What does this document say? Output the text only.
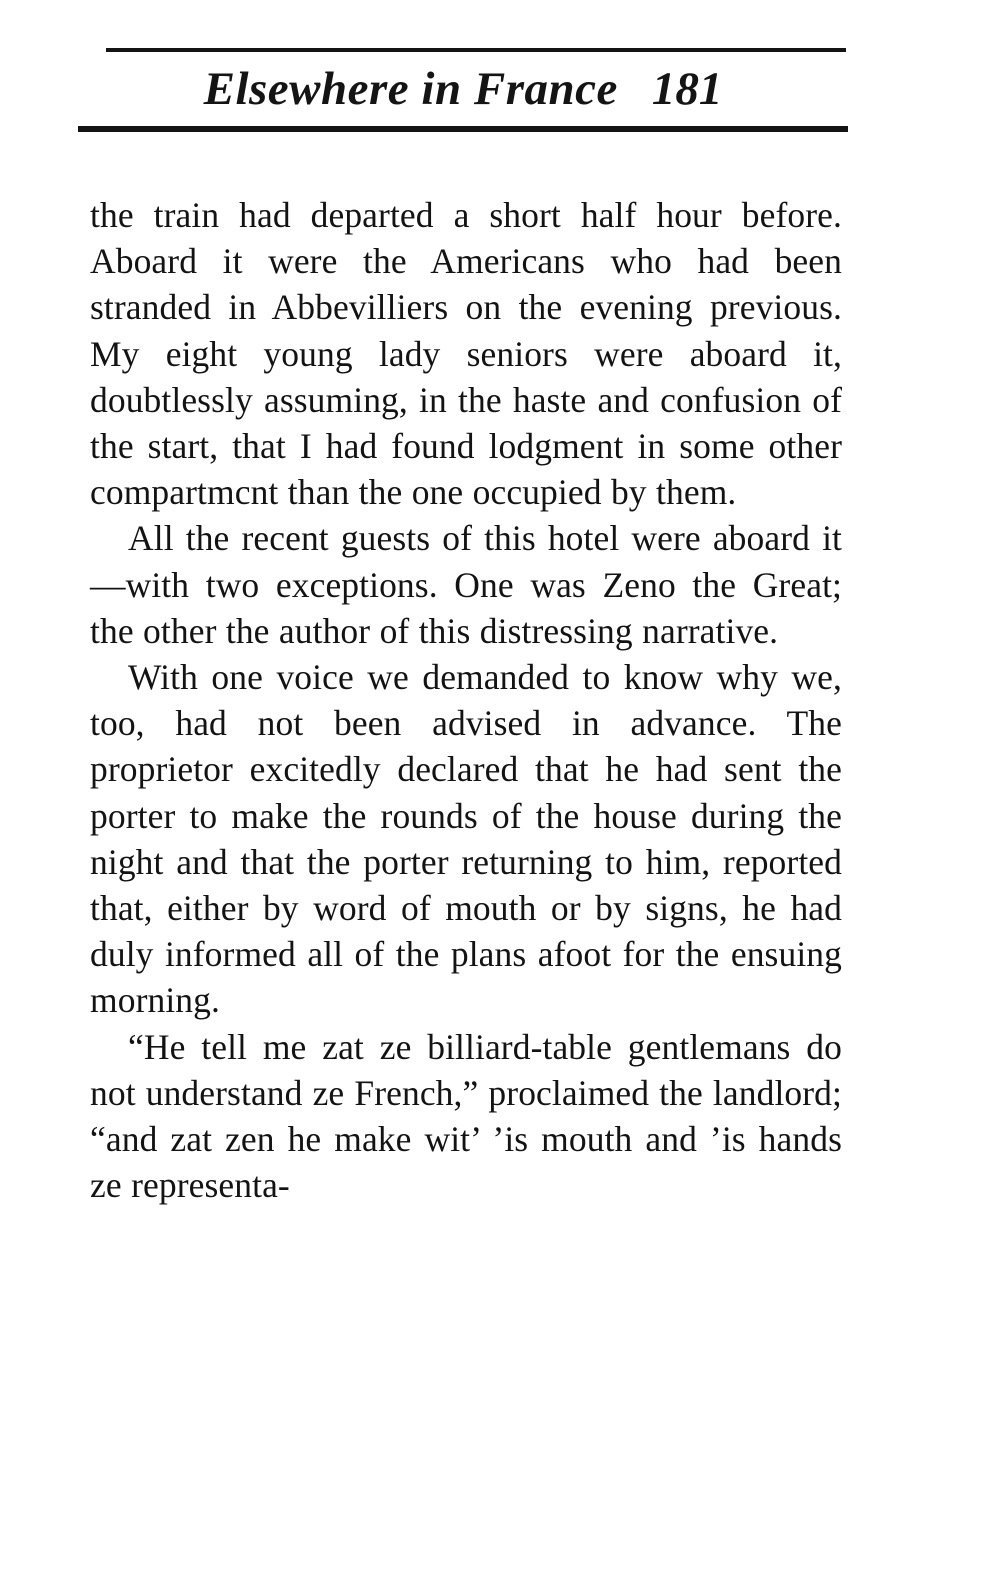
Elsewhere in France 181

the train had departed a short half hour before. Aboard it were the Americans who had been stranded in Abbevilliers on the evening previous. My eight young lady seniors were aboard it, doubtlessly assuming, in the haste and confusion of the start, that I had found lodgment in some other compartmcnt than the one occupied by them.

All the recent guests of this hotel were aboard it—with two exceptions. One was Zeno the Great; the other the author of this distressing narrative.

With one voice we demanded to know why we, too, had not been advised in advance. The proprietor excitedly declared that he had sent the porter to make the rounds of the house during the night and that the porter returning to him, reported that, either by word of mouth or by signs, he had duly informed all of the plans afoot for the ensuing morning.

“He tell me zat ze billiard-table gentlemans do not understand ze French,” proclaimed the landlord; “and zat zen he make wit’ ’is mouth and ’is hands ze representa-
